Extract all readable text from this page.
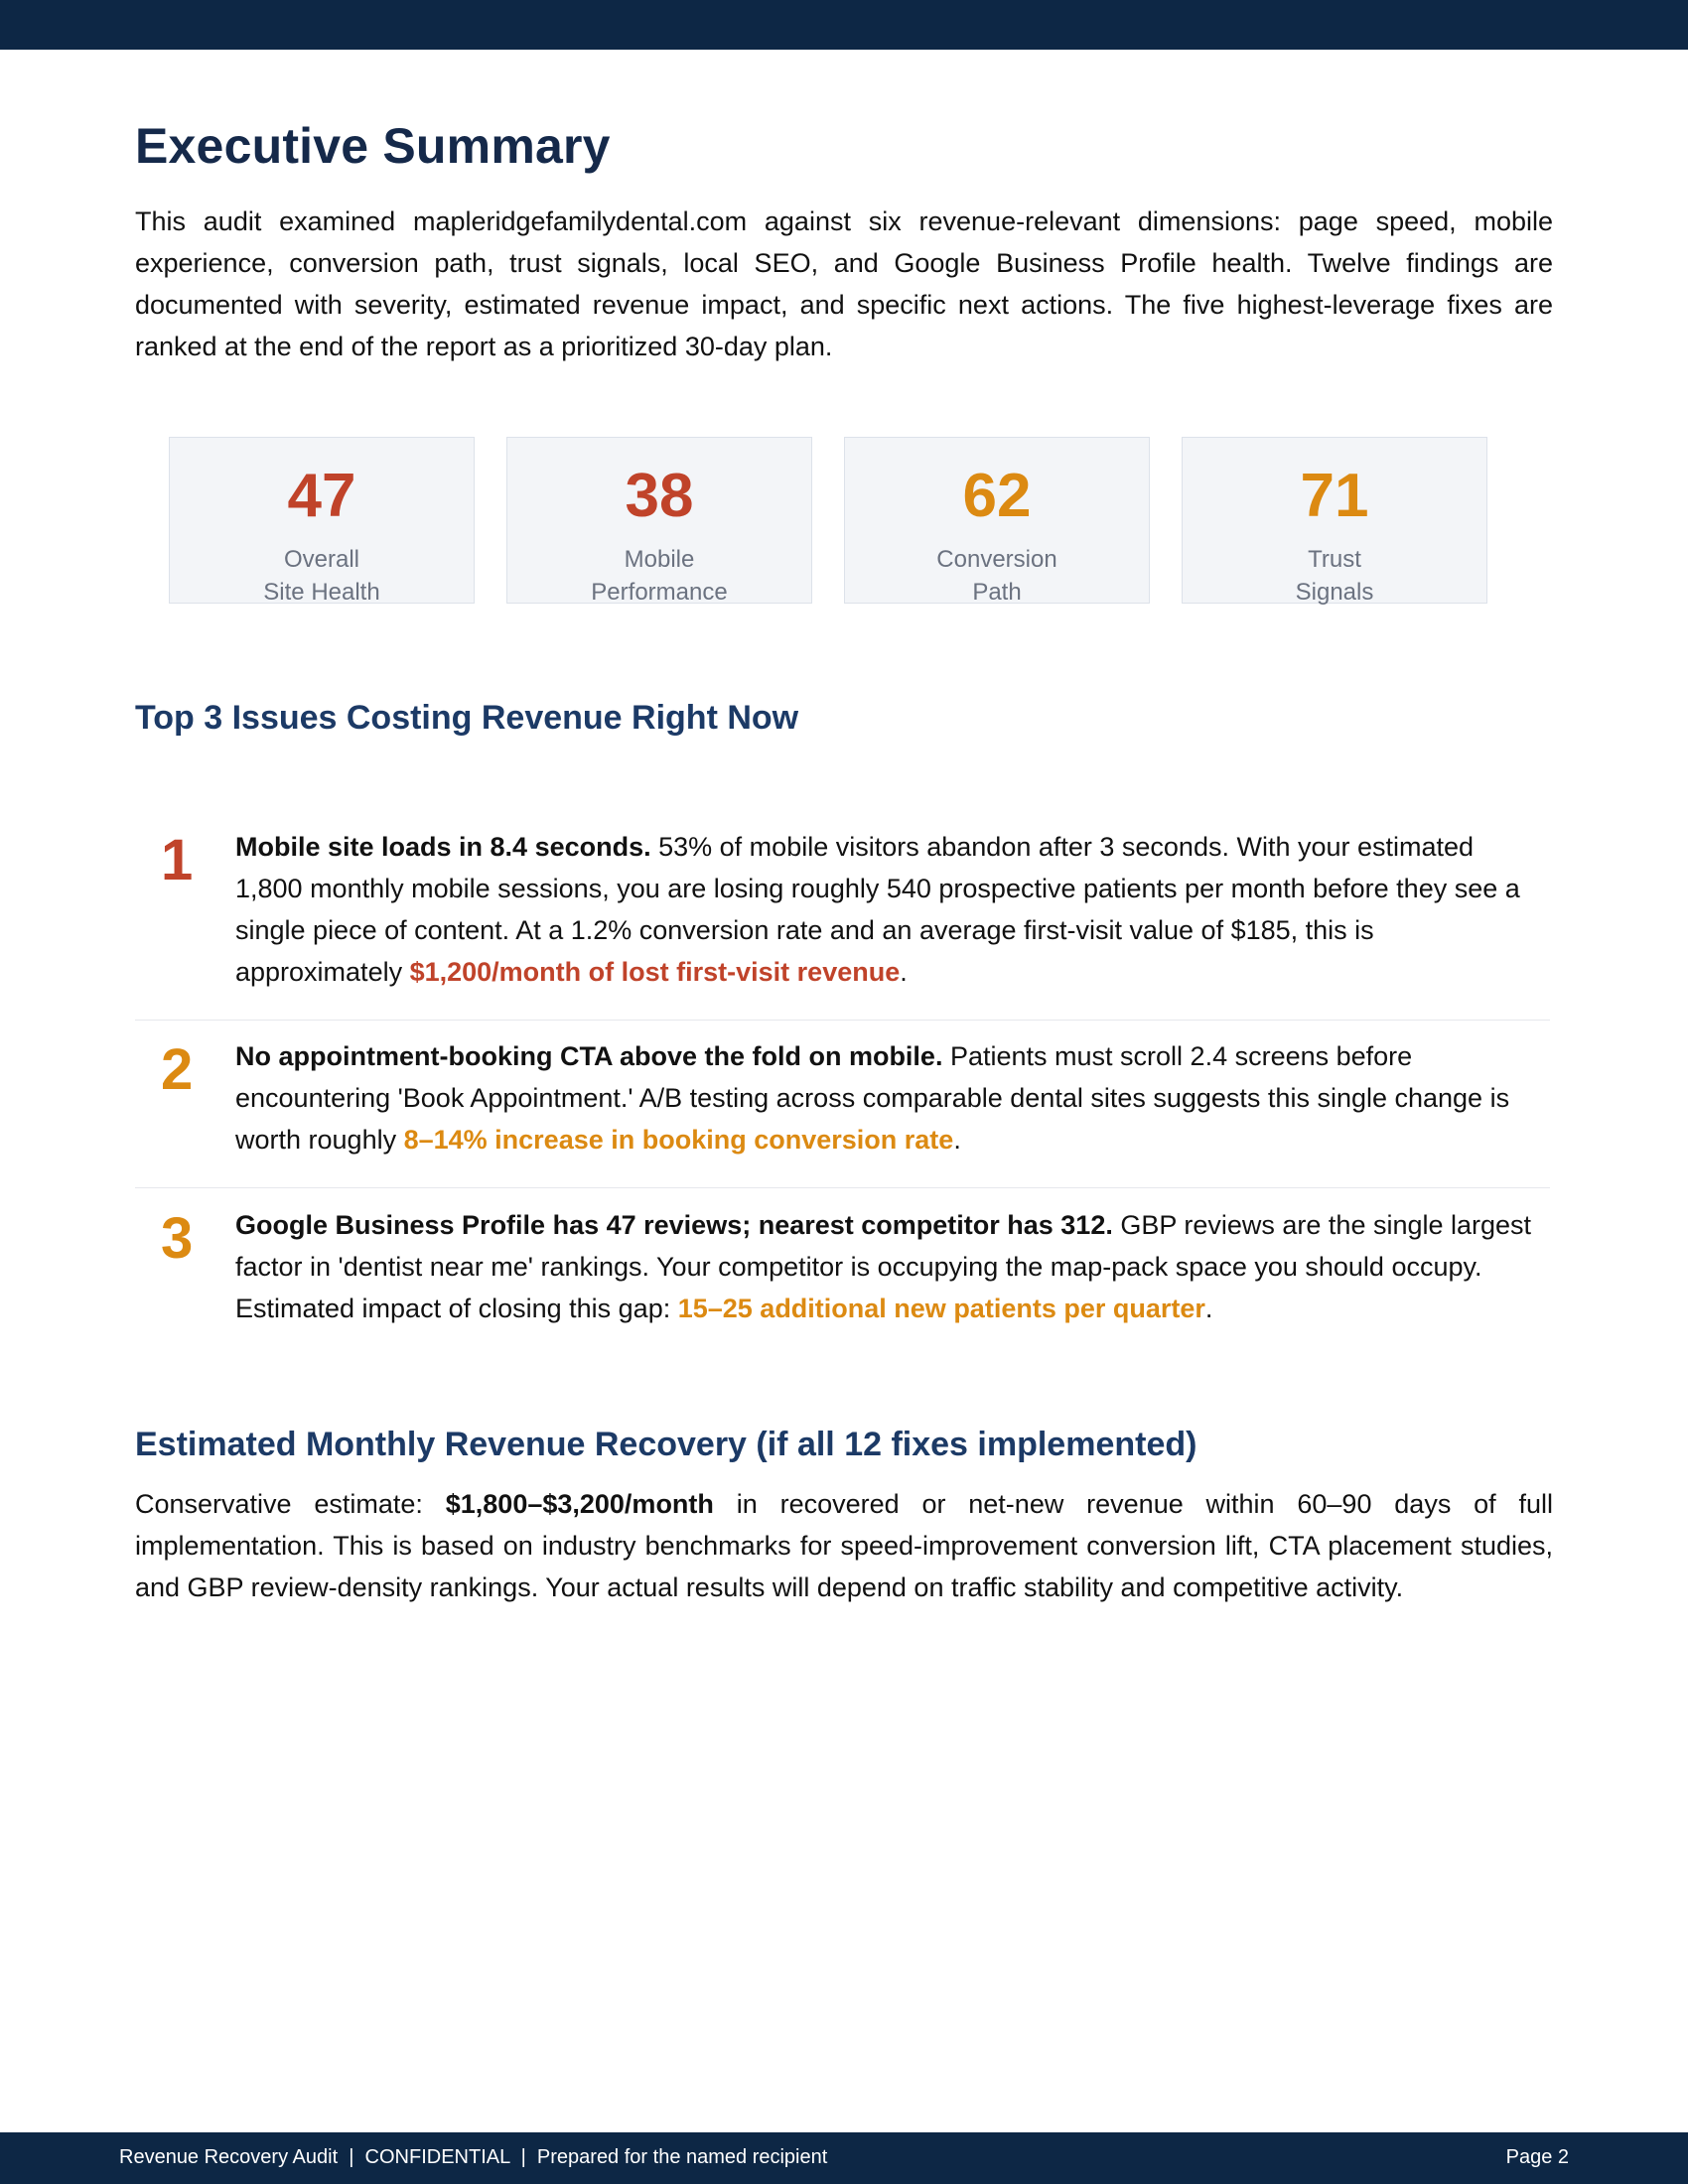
Executive Summary

This audit examined mapleridgefamilydental.com against six revenue-relevant dimensions: page speed, mobile experience, conversion path, trust signals, local SEO, and Google Business Profile health. Twelve findings are documented with severity, estimated revenue impact, and specific next actions. The five highest-leverage fixes are ranked at the end of the report as a prioritized 30-day plan.

47
Overall
Site Health
38
Mobile
Performance
62
Conversion
Path
71
Trust
Signals
Top 3 Issues Costing Revenue Right Now
1 Mobile site loads in 8.4 seconds. 53% of mobile visitors abandon after 3 seconds. With your estimated 1,800 monthly mobile sessions, you are losing roughly 540 prospective patients per month before they see a single piece of content. At a 1.2% conversion rate and an average first-visit value of $185, this is approximately $1,200/month of lost first-visit revenue.

2 No appointment-booking CTA above the fold on mobile. Patients must scroll 2.4 screens before encountering 'Book Appointment.' A/B testing across comparable dental sites suggests this single change is worth roughly 8–14% increase in booking conversion rate.

3 Google Business Profile has 47 reviews; nearest competitor has 312. GBP reviews are the single largest factor in 'dentist near me' rankings. Your competitor is occupying the map-pack space you should occupy. Estimated impact of closing this gap: 15–25 additional new patients per quarter.

Estimated Monthly Revenue Recovery (if all 12 fixes implemented)

Conservative estimate: $1,800–$3,200/month in recovered or net-new revenue within 60–90 days of full implementation. This is based on industry benchmarks for speed-improvement conversion lift, CTA placement studies, and GBP review-density rankings. Your actual results will depend on traffic stability and competitive activity.

Revenue Recovery Audit  |  CONFIDENTIAL  |  Prepared for the named recipient	Page 2
